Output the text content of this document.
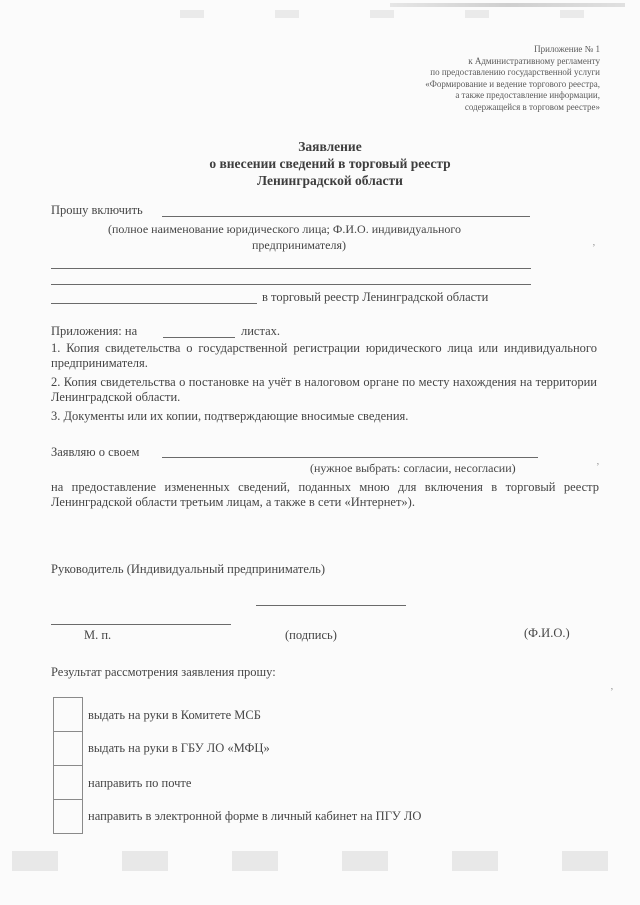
Приложение № 1
к Административному регламенту
по предоставлению государственной услуги
«Формирование и ведение торгового реестра,
а также предоставление информации,
содержащейся в торговом реестре»
Заявление
о внесении сведений в торговый реестр
Ленинградской области
Прошу включить
(полное наименование юридического лица; Ф.И.О. индивидуального
предпринимателя)
в торговый реестр Ленинградской области
Приложения: на	листах.
1. Копия свидетельства о государственной регистрации юридического лица или индивидуального предпринимателя.
2. Копия свидетельства о постановке на учёт в налоговом органе по месту нахождения на территории Ленинградской области.
3. Документы или их копии, подтверждающие вносимые сведения.
Заявляю о своем
(нужное выбрать: согласии, несогласии)
на предоставление измененных сведений, поданных мною для включения в торговый реестр Ленинградской области третьим лицам, а также в сети «Интернет»).
Руководитель (Индивидуальный предприниматель)
М. п.	(подпись)	(Ф.И.О.)
Результат рассмотрения заявления прошу:
выдать на руки в Комитете МСБ
выдать на руки в ГБУ ЛО «МФЦ»
направить по почте
направить в электронной форме в личный кабинет на ПГУ ЛО
‚
‚
‚
